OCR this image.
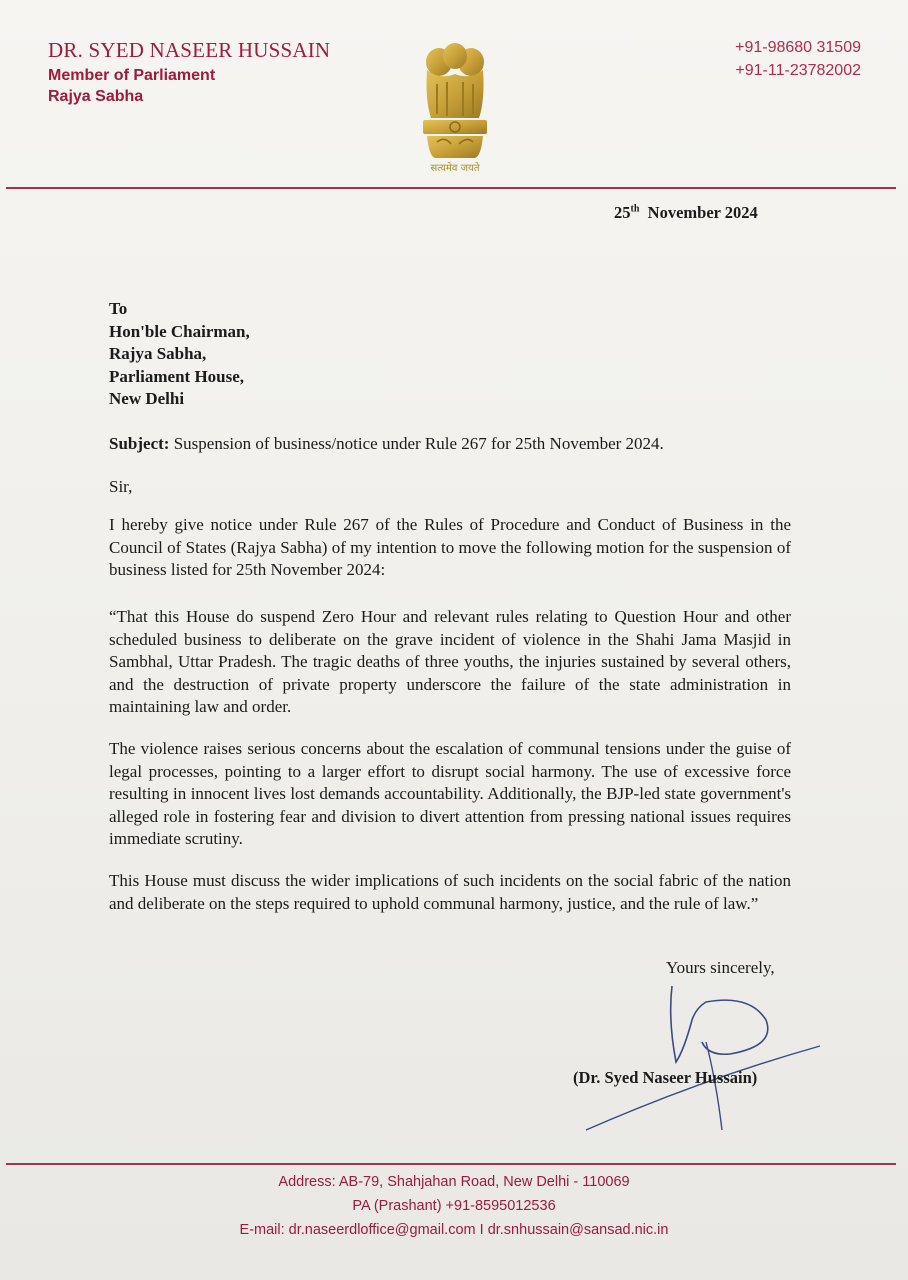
DR. SYED NASEER HUSSAIN
Member of Parliament
Rajya Sabha
+91-98680 31509
+91-11-23782002
सत्यमेव जयते
25th November 2024
To
Hon'ble Chairman,
Rajya Sabha,
Parliament House,
New Delhi
Subject: Suspension of business/notice under Rule 267 for 25th November 2024.
Sir,
I hereby give notice under Rule 267 of the Rules of Procedure and Conduct of Business in the Council of States (Rajya Sabha) of my intention to move the following motion for the suspension of business listed for 25th November 2024:
“That this House do suspend Zero Hour and relevant rules relating to Question Hour and other scheduled business to deliberate on the grave incident of violence in the Shahi Jama Masjid in Sambhal, Uttar Pradesh. The tragic deaths of three youths, the injuries sustained by several others, and the destruction of private property underscore the failure of the state administration in maintaining law and order.
The violence raises serious concerns about the escalation of communal tensions under the guise of legal processes, pointing to a larger effort to disrupt social harmony. The use of excessive force resulting in innocent lives lost demands accountability. Additionally, the BJP-led state government's alleged role in fostering fear and division to divert attention from pressing national issues requires immediate scrutiny.
This House must discuss the wider implications of such incidents on the social fabric of the nation and deliberate on the steps required to uphold communal harmony, justice, and the rule of law.”
Yours sincerely,
(Dr. Syed Naseer Hussain)
Address: AB-79, Shahjahan Road, New Delhi - 110069
PA (Prashant) +91-8595012536
E-mail: dr.naseerdloffice@gmail.com I dr.snhussain@sansad.nic.in
